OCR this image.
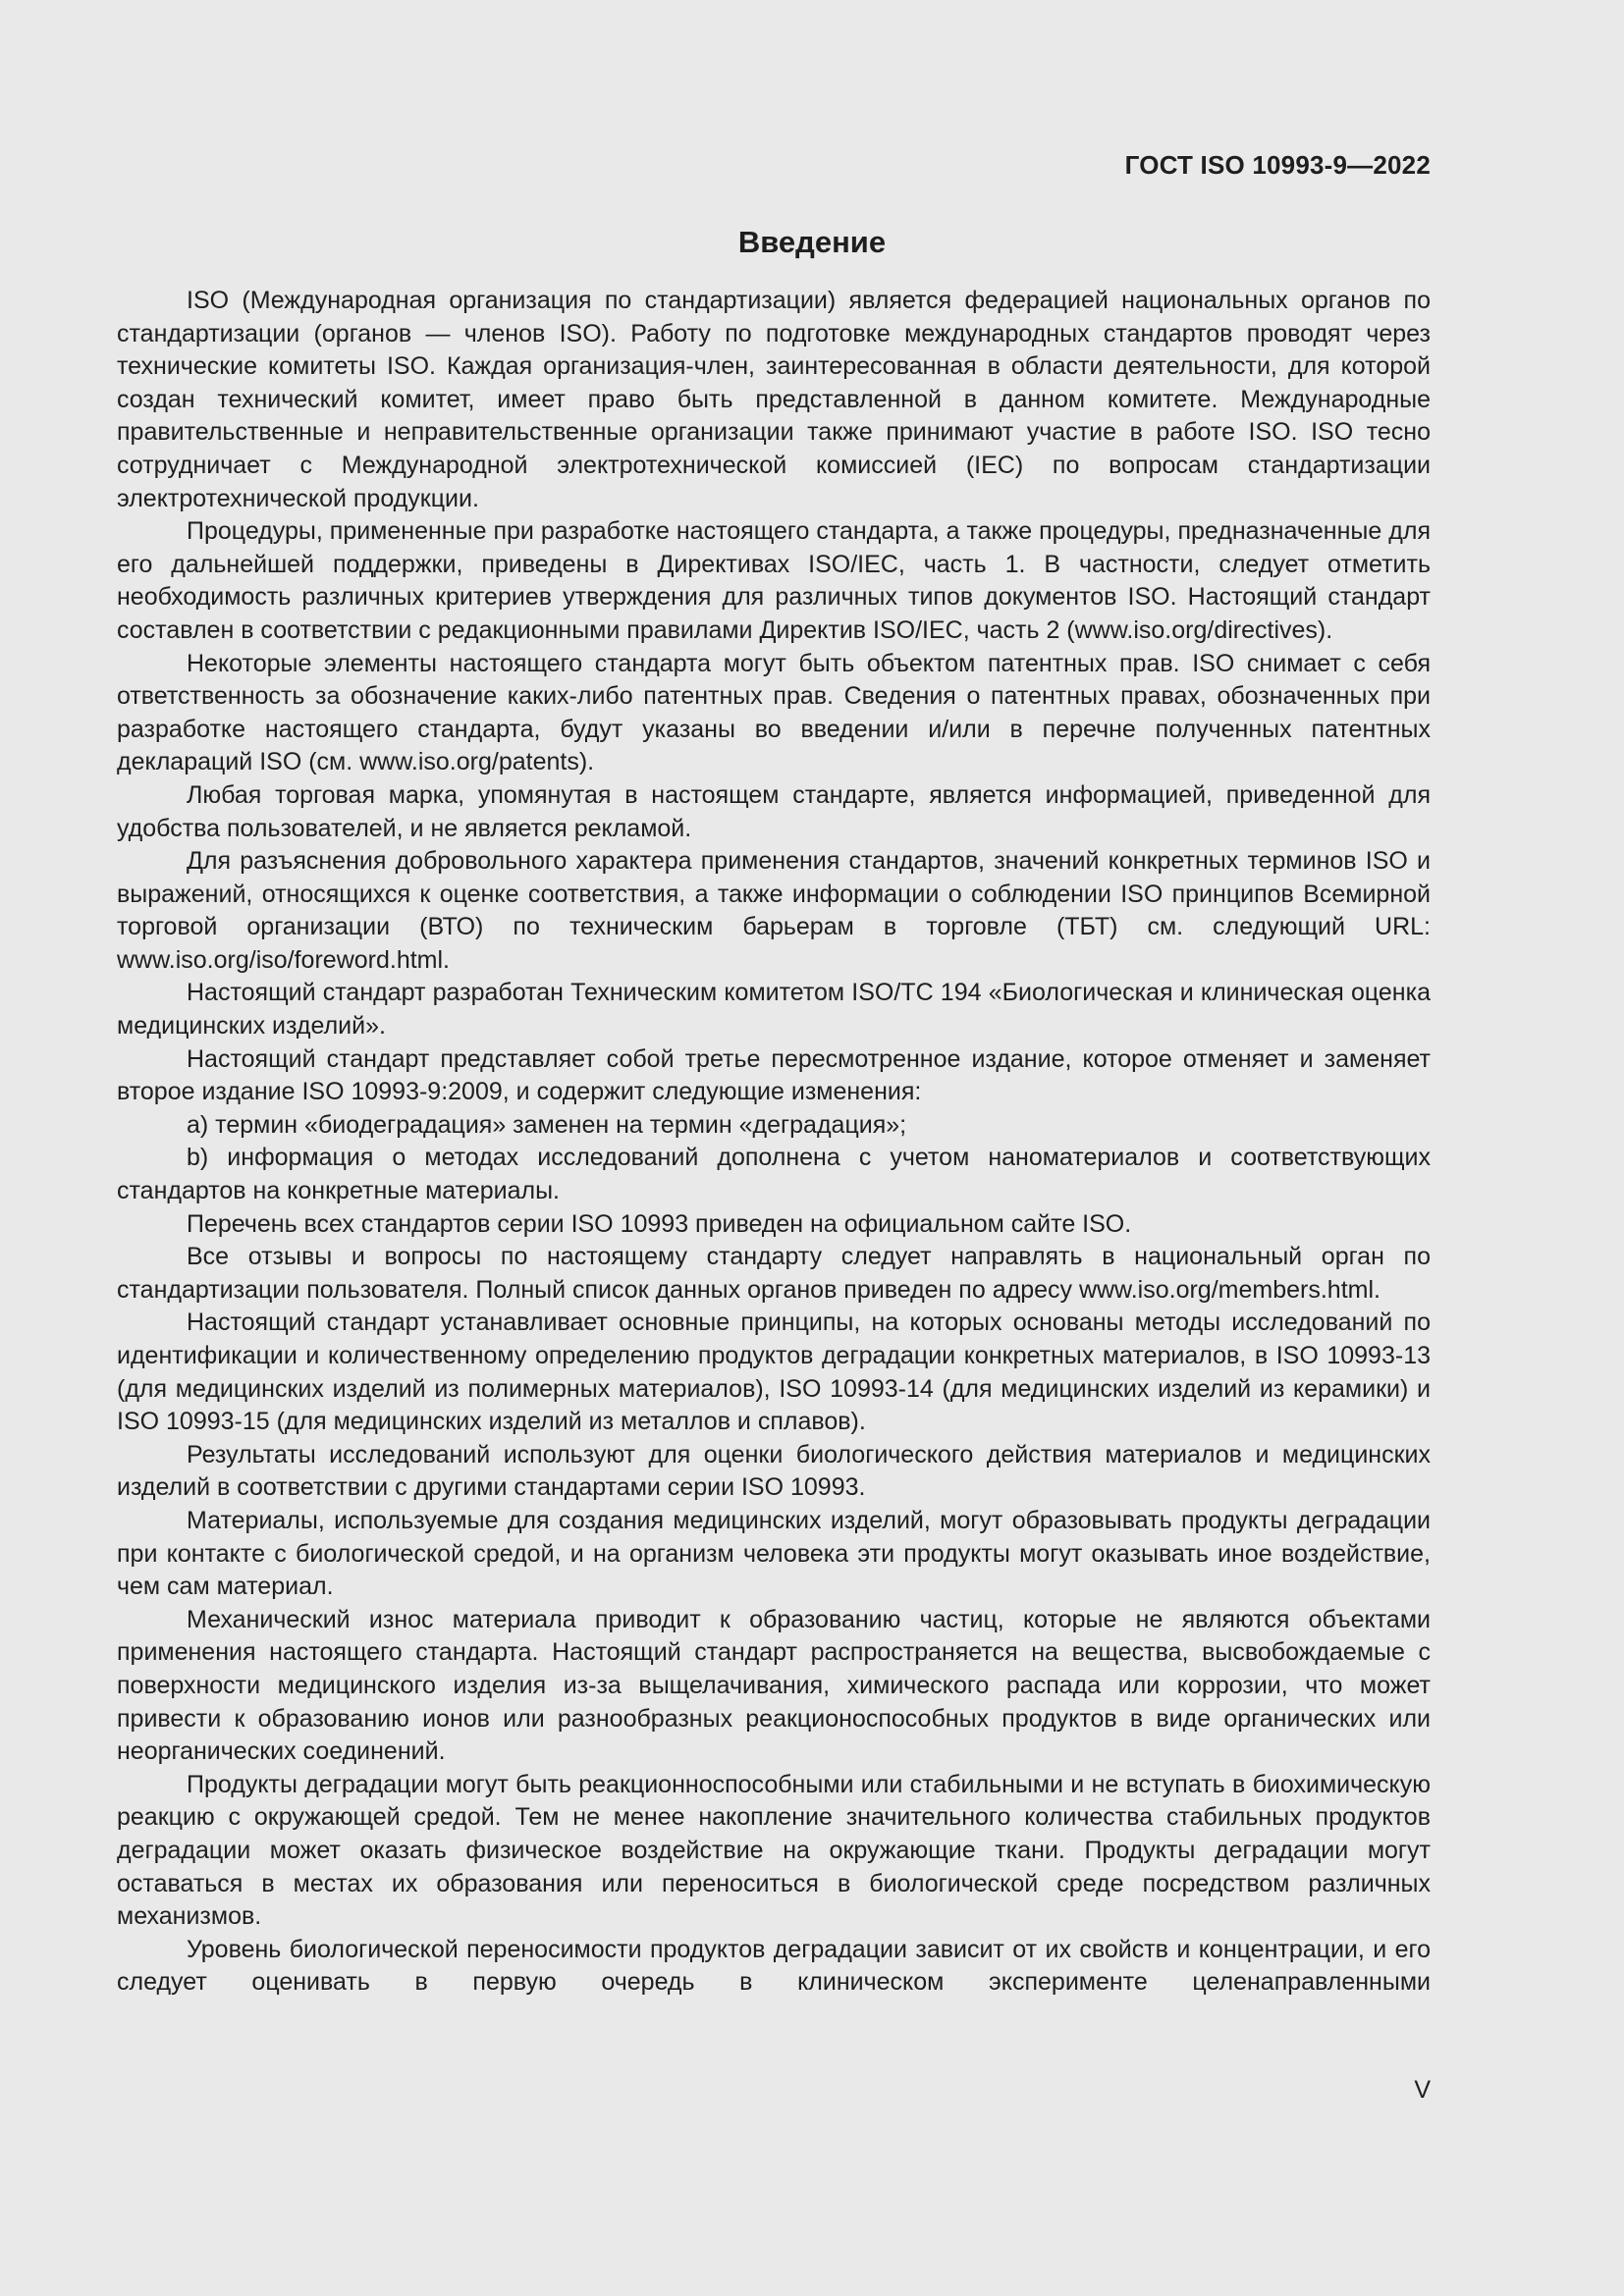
ГОСТ ISO 10993-9—2022

Введение

ISO (Международная организация по стандартизации) является федерацией национальных органов по стандартизации (органов — членов ISO). Работу по подготовке международных стандартов проводят через технические комитеты ISO. Каждая организация-член, заинтересованная в области деятельности, для которой создан технический комитет, имеет право быть представленной в данном комитете. Международные правительственные и неправительственные организации также принимают участие в работе ISO. ISO тесно сотрудничает с Международной электротехнической комиссией (IEC) по вопросам стандартизации электротехнической продукции.

Процедуры, примененные при разработке настоящего стандарта, а также процедуры, предназначенные для его дальнейшей поддержки, приведены в Директивах ISO/IEC, часть 1. В частности, следует отметить необходимость различных критериев утверждения для различных типов документов ISO. Настоящий стандарт составлен в соответствии с редакционными правилами Директив ISO/IEC, часть 2 (www.iso.org/directives).

Некоторые элементы настоящего стандарта могут быть объектом патентных прав. ISO снимает с себя ответственность за обозначение каких-либо патентных прав. Сведения о патентных правах, обозначенных при разработке настоящего стандарта, будут указаны во введении и/или в перечне полученных патентных деклараций ISO (см. www.iso.org/patents).

Любая торговая марка, упомянутая в настоящем стандарте, является информацией, приведенной для удобства пользователей, и не является рекламой.

Для разъяснения добровольного характера применения стандартов, значений конкретных терминов ISO и выражений, относящихся к оценке соответствия, а также информации о соблюдении ISO принципов Всемирной торговой организации (ВТО) по техническим барьерам в торговле (ТБТ) см. следующий URL: www.iso.org/iso/foreword.html.

Настоящий стандарт разработан Техническим комитетом ISO/TC 194 «Биологическая и клиническая оценка медицинских изделий».

Настоящий стандарт представляет собой третье пересмотренное издание, которое отменяет и заменяет второе издание ISO 10993-9:2009, и содержит следующие изменения:

а) термин «биодеградация» заменен на термин «деградация»;

b) информация о методах исследований дополнена с учетом наноматериалов и соответствующих стандартов на конкретные материалы.

Перечень всех стандартов серии ISO 10993 приведен на официальном сайте ISO.

Все отзывы и вопросы по настоящему стандарту следует направлять в национальный орган по стандартизации пользователя. Полный список данных органов приведен по адресу www.iso.org/​members.html.

Настоящий стандарт устанавливает основные принципы, на которых основаны методы исследований по идентификации и количественному определению продуктов деградации конкретных материалов, в ISO 10993-13 (для медицинских изделий из полимерных материалов), ISO 10993-14 (для медицинских изделий из керамики) и ISO 10993-15 (для медицинских изделий из металлов и сплавов).

Результаты исследований используют для оценки биологического действия материалов и медицинских изделий в соответствии с другими стандартами серии ISO 10993.

Материалы, используемые для создания медицинских изделий, могут образовывать продукты деградации при контакте с биологической средой, и на организм человека эти продукты могут оказывать иное воздействие, чем сам материал.

Механический износ материала приводит к образованию частиц, которые не являются объектами применения настоящего стандарта. Настоящий стандарт распространяется на вещества, высвобождаемые с поверхности медицинского изделия из-за выщелачивания, химического распада или коррозии, что может привести к образованию ионов или разнообразных реакционоспособных продуктов в виде органических или неорганических соединений.

Продукты деградации могут быть реакционноспособными или стабильными и не вступать в биохимическую реакцию с окружающей средой. Тем не менее накопление значительного количества стабильных продуктов деградации может оказать физическое воздействие на окружающие ткани. Продукты деградации могут оставаться в местах их образования или переноситься в биологической среде посредством различных механизмов.

Уровень биологической переносимости продуктов деградации зависит от их свойств и концентрации, и его следует оценивать в первую очередь в клиническом эксперименте целенаправленными

V
